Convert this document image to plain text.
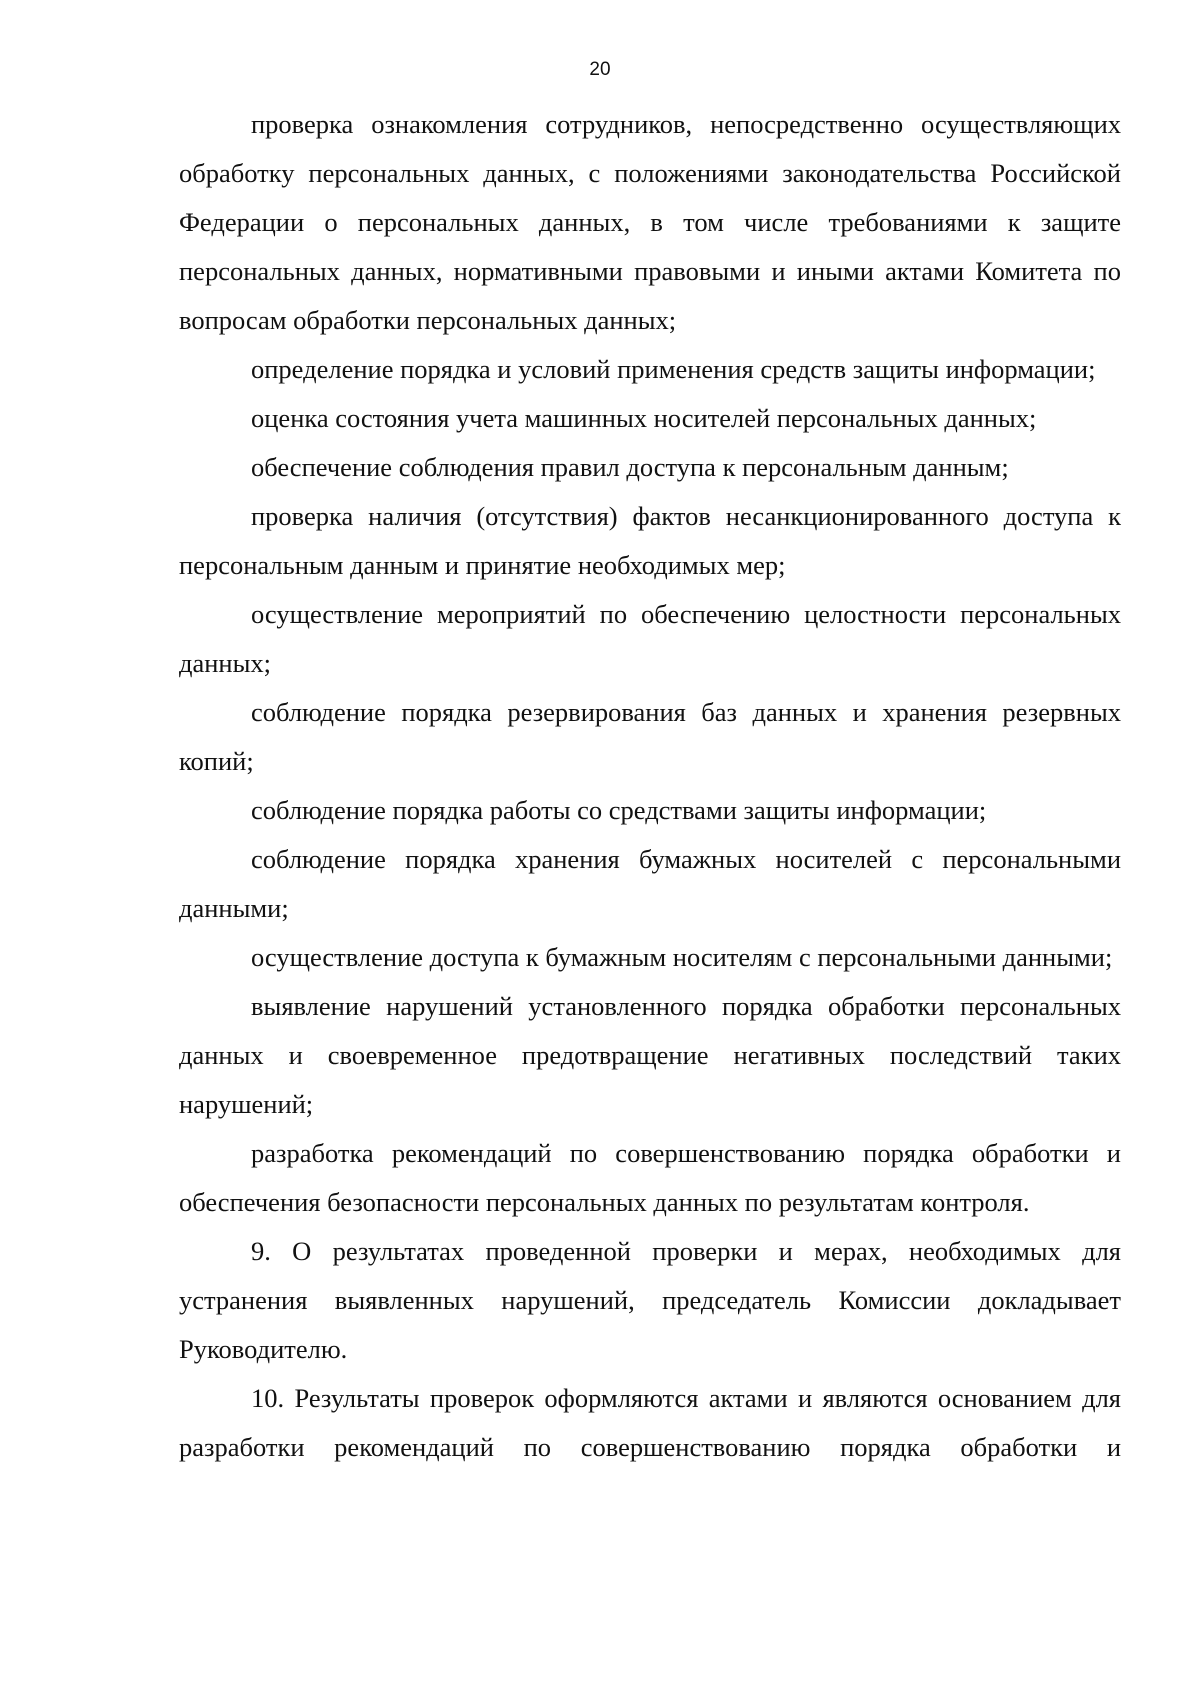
20

проверка ознакомления сотрудников, непосредственно осуществляющих обработку персональных данных, с положениями законодательства Российской Федерации о персональных данных, в том числе требованиями к защите персональных данных, нормативными правовыми и иными актами Комитета по вопросам обработки персональных данных;

определение порядка и условий применения средств защиты информации;

оценка состояния учета машинных носителей персональных данных;

обеспечение соблюдения правил доступа к персональным данным;

проверка наличия (отсутствия) фактов несанкционированного доступа к персональным данным и принятие необходимых мер;

осуществление мероприятий по обеспечению целостности персональных данных;

соблюдение порядка резервирования баз данных и хранения резервных копий;

соблюдение порядка работы со средствами защиты информации;

соблюдение порядка хранения бумажных носителей с персональными данными;

осуществление доступа к бумажным носителям с персональными данными;

выявление нарушений установленного порядка обработки персональных данных и своевременное предотвращение негативных последствий таких нарушений;

разработка рекомендаций по совершенствованию порядка обработки и обеспечения безопасности персональных данных по результатам контроля.

9. О результатах проведенной проверки и мерах, необходимых для устранения выявленных нарушений, председатель Комиссии докладывает Руководителю.

10. Результаты проверок оформляются актами и являются основанием для разработки рекомендаций по совершенствованию порядка обработки и
